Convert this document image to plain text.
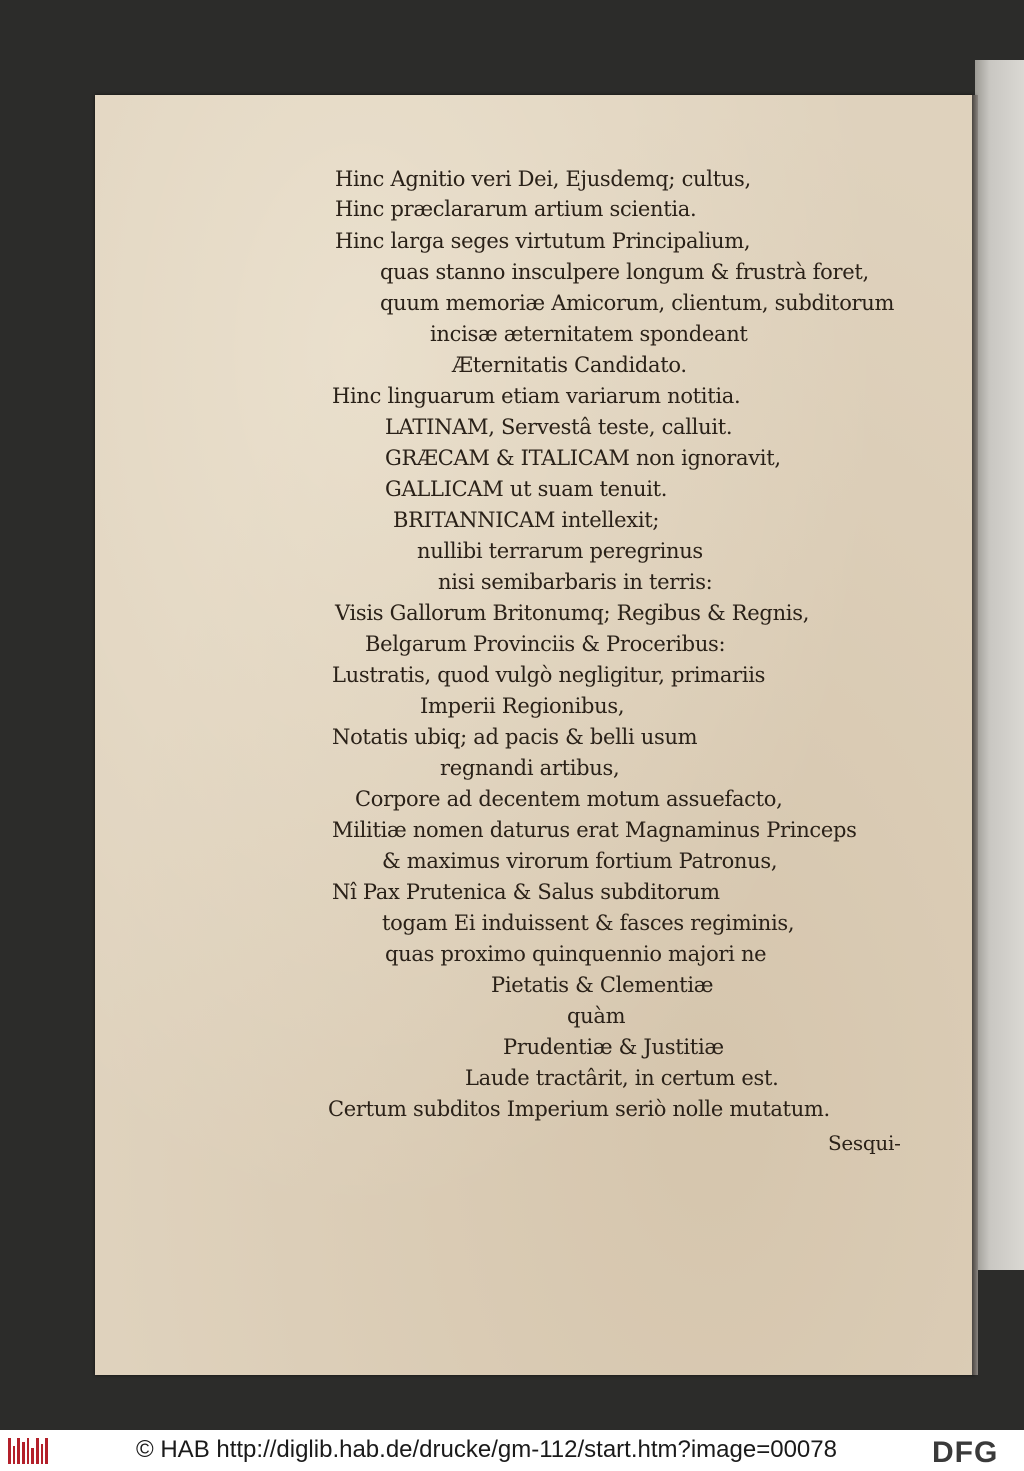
Hinc Agnitio veri Dei, Ejusdemq; cultus,
Hinc præclararum artium scientia.
Hinc larga seges virtutum Principalium,
quas stanno insculpere longum & frustrà foret,
quum memoriæ Amicorum, clientum, subditorum
incisæ æternitatem spondeant
Æternitatis Candidato.
Hinc linguarum etiam variarum notitia.
LATINAM, Servestâ teste, calluit.
GRÆCAM & ITALICAM non ignoravit,
GALLICAM ut suam tenuit.
BRITANNICAM intellexit;
nullibi terrarum peregrinus
nisi semibarbaris in terris:
Visis Gallorum Britonumq; Regibus & Regnis,
Belgarum Provinciis & Proceribus:
Lustratis, quod vulgò negligitur, primariis
Imperii Regionibus,
Notatis ubiq; ad pacis & belli usum
regnandi artibus,
Corpore ad decentem motum assuefacto,
Militiæ nomen daturus erat Magnaminus Princeps
& maximus virorum fortium Patronus,
Nî Pax Prutenica & Salus subditorum
togam Ei induissent & fasces regiminis,
quas proximo quinquennio majori ne
Pietatis & Clementiæ
quàm
Prudentiæ & Justitiæ
Laude tractârit, in certum est.
Certum subditos Imperium seriò nolle mutatum.
Sesqui-
© HAB http://diglib.hab.de/drucke/gm-112/start.htm?image=00078	DFG
